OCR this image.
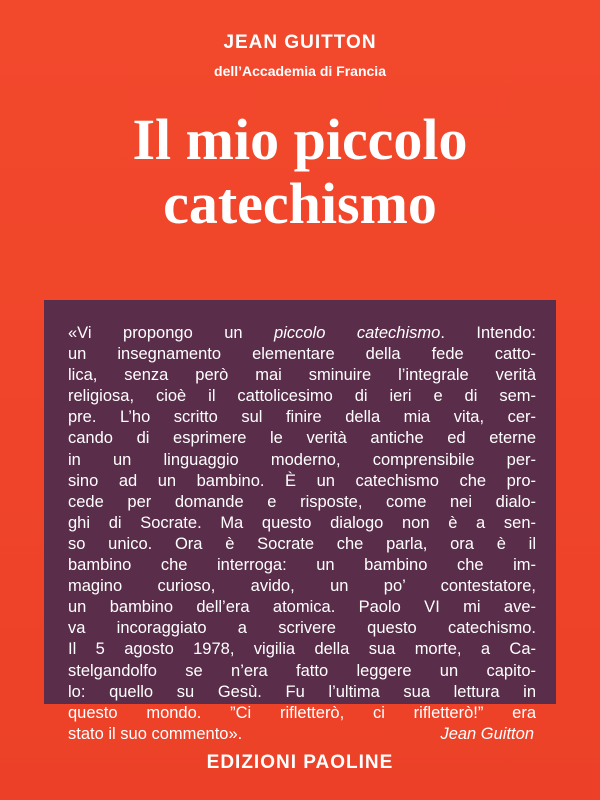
JEAN GUITTON
dell’Accademia di Francia
Il mio piccolo
catechismo
«Vi propongo un piccolo catechismo. Intendo:
un insegnamento elementare della fede catto-
lica, senza però mai sminuire l’integrale verità
religiosa, cioè il cattolicesimo di ieri e di sem-
pre. L’ho scritto sul finire della mia vita, cer-
cando di esprimere le verità antiche ed eterne
in un linguaggio moderno, comprensibile per-
sino ad un bambino. È un catechismo che pro-
cede per domande e risposte, come nei dialo-
ghi di Socrate. Ma questo dialogo non è a sen-
so unico. Ora è Socrate che parla, ora è il
bambino che interroga: un bambino che im-
magino curioso, avido, un po’ contestatore,
un bambino dell’era atomica. Paolo VI mi ave-
va incoraggiato a scrivere questo catechismo.
Il 5 agosto 1978, vigilia della sua morte, a Ca-
stelgandolfo se n’era fatto leggere un capito-
lo: quello su Gesù. Fu l’ultima sua lettura in
questo mondo. ”Ci rifletterò, ci rifletterò!” era
stato il suo commento».	Jean Guitton
EDIZIONI PAOLINE
